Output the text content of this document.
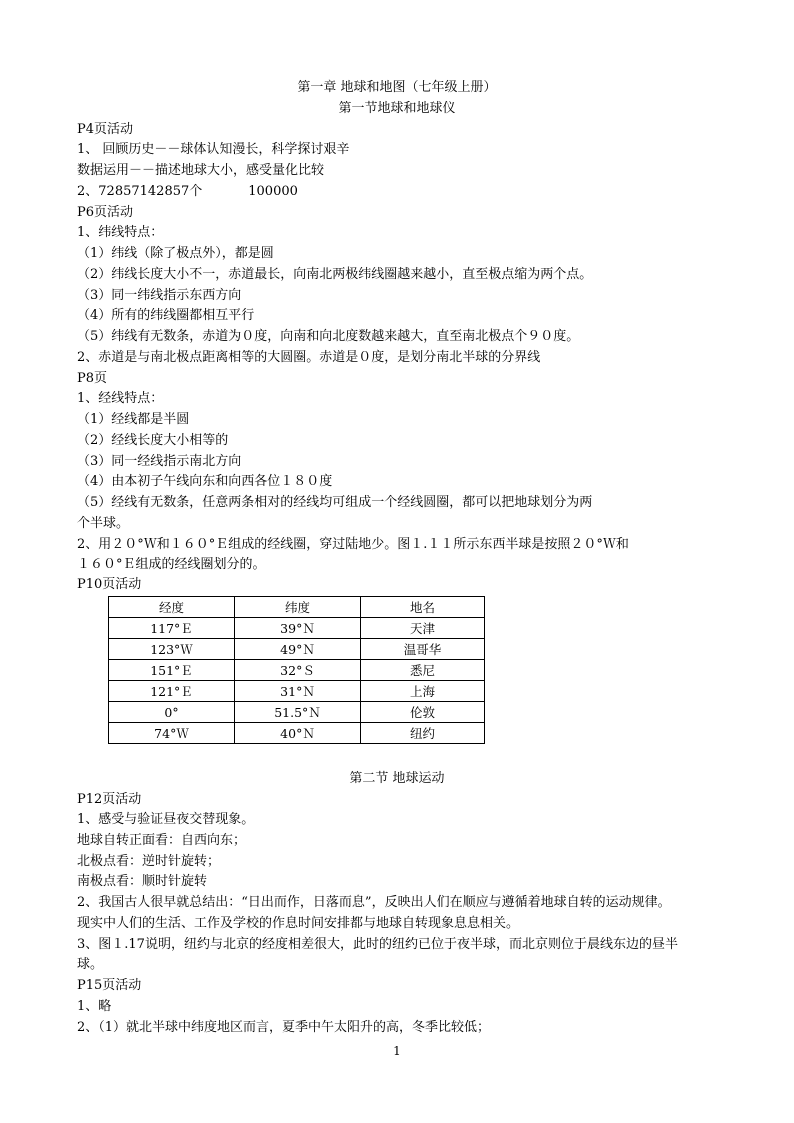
第一章 地球和地图（七年级上册）
第一节地球和地球仪
P4页活动
1、 回顾历史－－球体认知漫长，科学探讨艰辛
数据运用－－描述地球大小，感受量化比较
2、72857142857个	100000
P6页活动
1、纬线特点：
（1）纬线（除了极点外），都是圆
（2）纬线长度大小不一，赤道最长，向南北两极纬线圈越来越小，直至极点缩为两个点。
（3）同一纬线指示东西方向
（4）所有的纬线圈都相互平行
（5）纬线有无数条，赤道为０度，向南和向北度数越来越大，直至南北极点个９０度。
2、赤道是与南北极点距离相等的大圆圈。赤道是０度，是划分南北半球的分界线
P8页
1、经线特点：
（1）经线都是半圆
（2）经线长度大小相等的
（3）同一经线指示南北方向
（4）由本初子午线向东和向西各位１８０度
（5）经线有无数条，任意两条相对的经线均可组成一个经线圆圈，都可以把地球划分为两
个半球。
2、用２０°Ｗ和１６０°Ｅ组成的经线圈，穿过陆地少。图１.１１所示东西半球是按照２０°Ｗ和
１６０°Ｅ组成的经线圈划分的。
P10页活动
经度	纬度	地名
117°Ｅ	39°Ｎ	天津
123°Ｗ	49°Ｎ	温哥华
151°Ｅ	32°Ｓ	悉尼
121°Ｅ	31°Ｎ	上海
0°	51.5°Ｎ	伦敦
74°Ｗ	40°Ｎ	纽约
第二节 地球运动
P12页活动
1、感受与验证昼夜交替现象。
地球自转正面看：自西向东；
北极点看：逆时针旋转；
南极点看：顺时针旋转
2、我国古人很早就总结出：“日出而作，日落而息”，反映出人们在顺应与遵循着地球自转的运动规律。
现实中人们的生活、工作及学校的作息时间安排都与地球自转现象息息相关。
3、图１.17说明，纽约与北京的经度相差很大，此时的纽约已位于夜半球，而北京则位于晨线东边的昼半
球。
P15页活动
1、略
2、（1）就北半球中纬度地区而言，夏季中午太阳升的高，冬季比较低；
1
